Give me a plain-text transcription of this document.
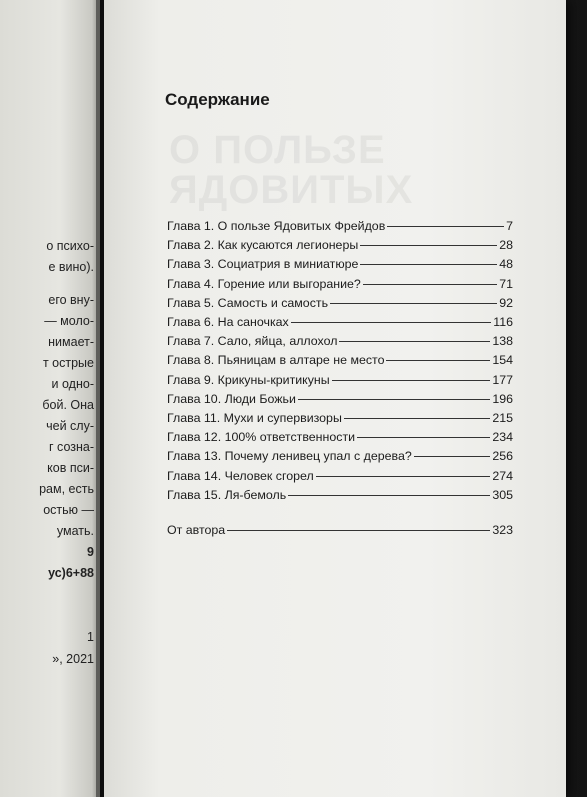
о психо-
е вино).
его вну-
— моло-
нимает-
т острые
и одно-
бой. Она
чей слу-
г созна-
ков пси-
рам, есть
остью —
умать.
9
ус)6+88
1
», 2021
О ПОЛЬЗЕ
ЯДОВИТЫХ
Содержание
Глава 1. О пользе Ядовитых Фрейдов	7
Глава 2. Как кусаются легионеры	28
Глава 3. Социатрия в миниатюре	48
Глава 4. Горение или выгорание?	71
Глава 5. Самость и самость	92
Глава 6. На саночках	116
Глава 7. Сало, яйца, аллохол	138
Глава 8. Пьяницам в алтаре не место	154
Глава 9. Крикуны-критикуны	177
Глава 10. Люди Божьи	196
Глава 11. Мухи и супервизоры	215
Глава 12. 100% ответственности	234
Глава 13. Почему ленивец упал с дерева?	256
Глава 14. Человек сгорел	274
Глава 15. Ля-бемоль	305
От автора	323
